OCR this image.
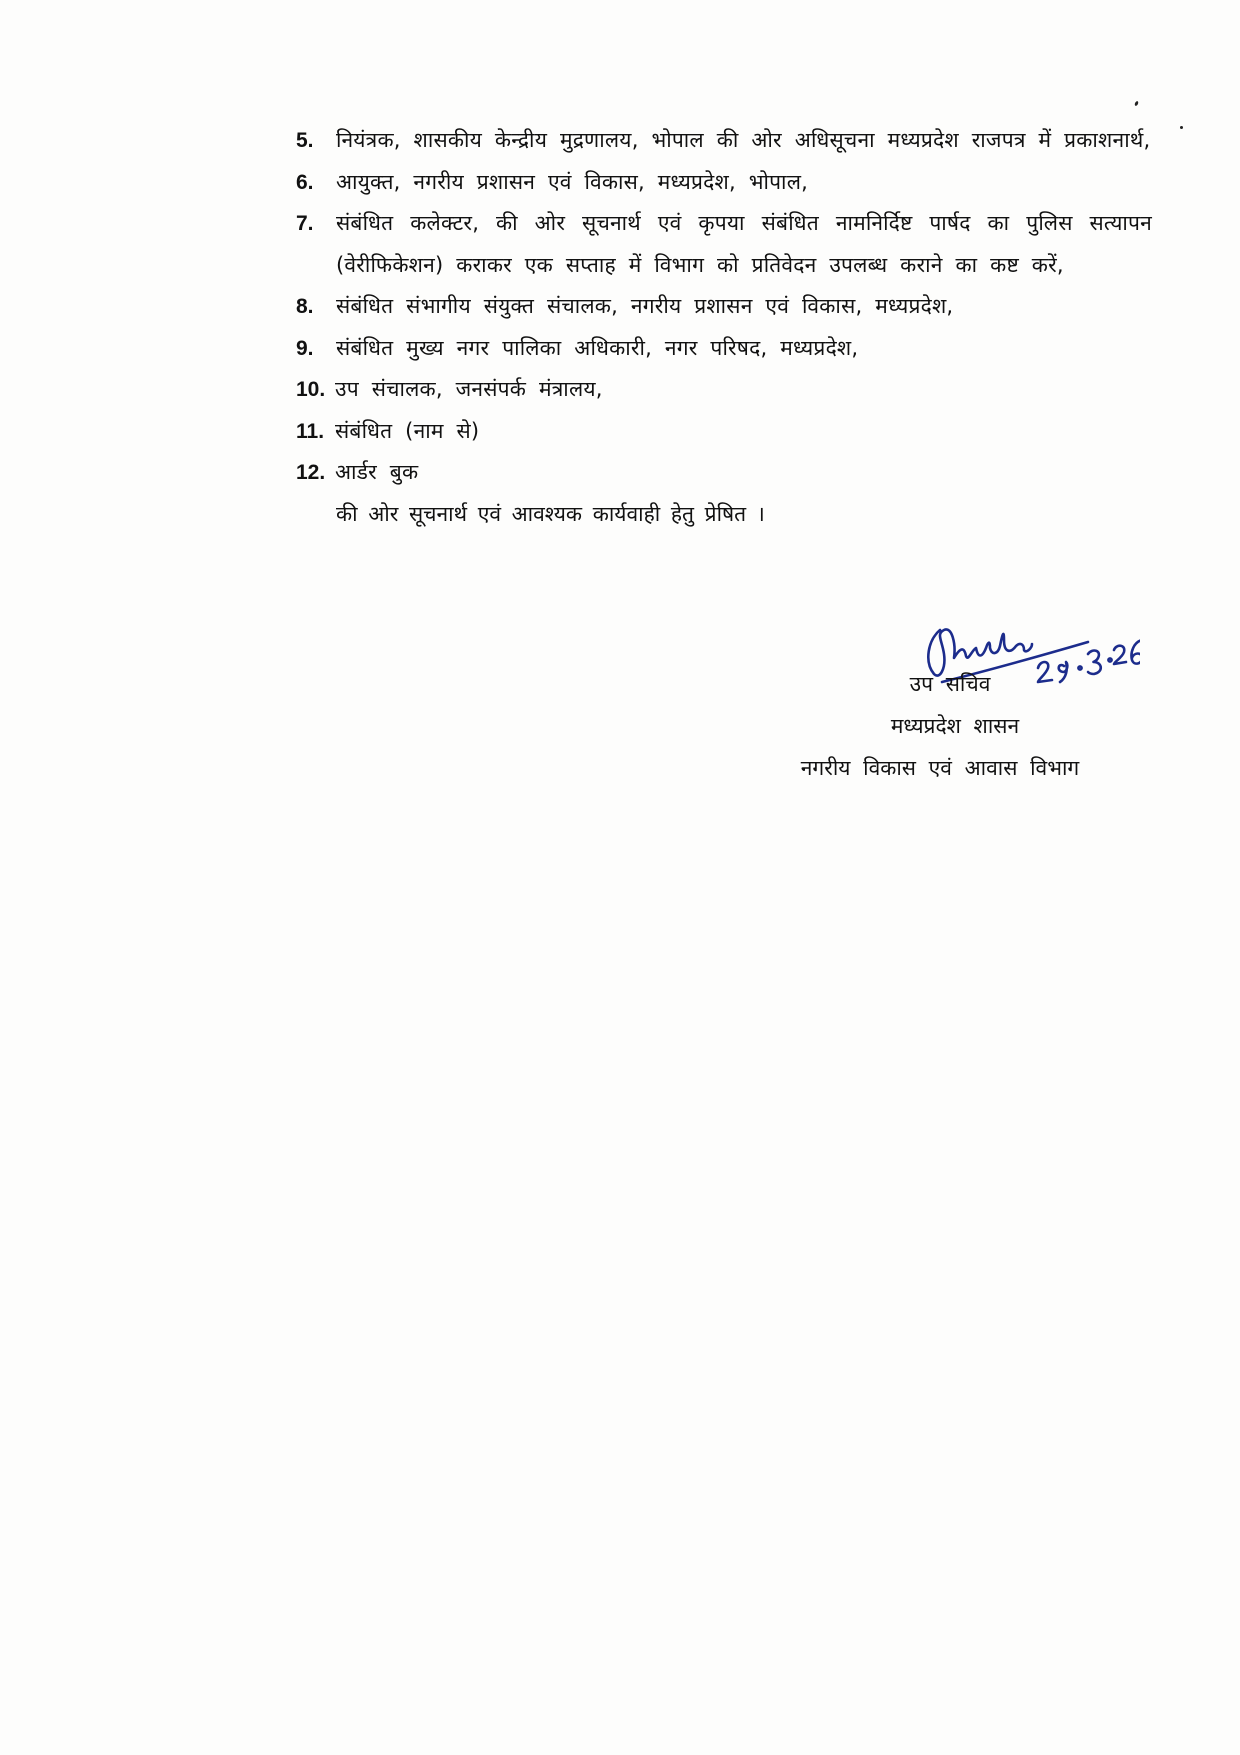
5.	नियंत्रक, शासकीय केन्द्रीय मुद्रणालय, भोपाल की ओर अधिसूचना मध्यप्रदेश राजपत्र में प्रकाशनार्थ,
6.	आयुक्त, नगरीय प्रशासन एवं विकास, मध्यप्रदेश, भोपाल,
7.	संबंधित कलेक्टर, की ओर सूचनार्थ एवं कृपया संबंधित नामनिर्दिष्ट पार्षद का पुलिस सत्यापन (वेरीफिकेशन) कराकर एक सप्ताह में विभाग को प्रतिवेदन उपलब्ध कराने का कष्ट करें,
8.	संबंधित संभागीय संयुक्त संचालक, नगरीय प्रशासन एवं विकास, मध्यप्रदेश,
9.	संबंधित मुख्य नगर पालिका अधिकारी, नगर परिषद, मध्यप्रदेश,
10. उप संचालक, जनसंपर्क मंत्रालय,
11. संबंधित (नाम से)
12. आर्डर बुक
की ओर सूचनार्थ एवं आवश्यक कार्यवाही हेतु प्रेषित ।
उप सचिव
मध्यप्रदेश शासन
नगरीय विकास एवं आवास विभाग
